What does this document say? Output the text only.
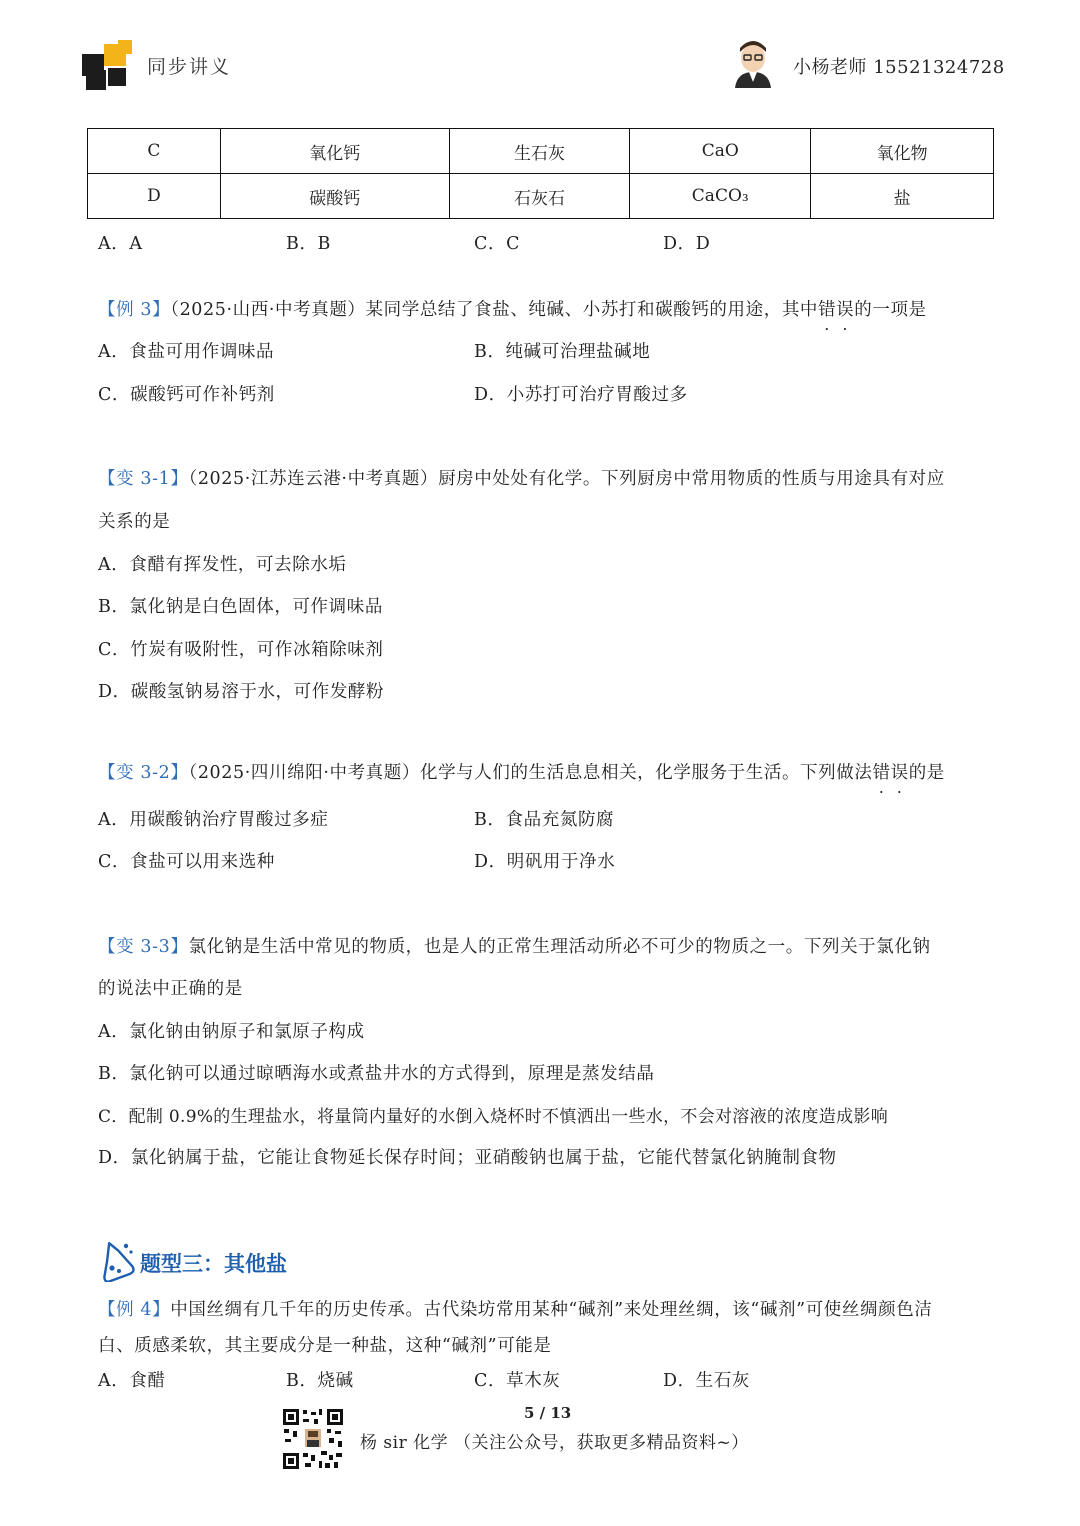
同步讲义	小杨老师 15521324728
C	氧化钙	生石灰	CaO	氧化物
D	碳酸钙	石灰石	CaCO₃	盐
A．A	B．B	C．C	D．D
【例 3】（2025·山西·中考真题）某同学总结了食盐、纯碱、小苏打和碳酸钙的用途，其中错误的一项是
A．食盐可用作调味品	B．纯碱可治理盐碱地
C．碳酸钙可作补钙剂	D．小苏打可治疗胃酸过多
【变 3-1】（2025·江苏连云港·中考真题）厨房中处处有化学。下列厨房中常用物质的性质与用途具有对应
关系的是
A．食醋有挥发性，可去除水垢
B．氯化钠是白色固体，可作调味品
C．竹炭有吸附性，可作冰箱除味剂
D．碳酸氢钠易溶于水，可作发酵粉
【变 3-2】（2025·四川绵阳·中考真题）化学与人们的生活息息相关，化学服务于生活。下列做法错误的是
A．用碳酸钠治疗胃酸过多症	B．食品充氮防腐
C．食盐可以用来选种	D．明矾用于净水
【变 3-3】氯化钠是生活中常见的物质，也是人的正常生理活动所必不可少的物质之一。下列关于氯化钠
的说法中正确的是
A．氯化钠由钠原子和氯原子构成
B．氯化钠可以通过晾晒海水或煮盐井水的方式得到，原理是蒸发结晶
C．配制 0.9%的生理盐水，将量筒内量好的水倒入烧杯时不慎洒出一些水，不会对溶液的浓度造成影响
D．氯化钠属于盐，它能让食物延长保存时间；亚硝酸钠也属于盐，它能代替氯化钠腌制食物
题型三：其他盐
【例 4】中国丝绸有几千年的历史传承。古代染坊常用某种“碱剂”来处理丝绸，该“碱剂”可使丝绸颜色洁
白、质感柔软，其主要成分是一种盐，这种“碱剂”可能是
A．食醋	B．烧碱	C．草木灰	D．生石灰
5 / 13
杨 sir 化学 （关注公众号，获取更多精品资料~）
